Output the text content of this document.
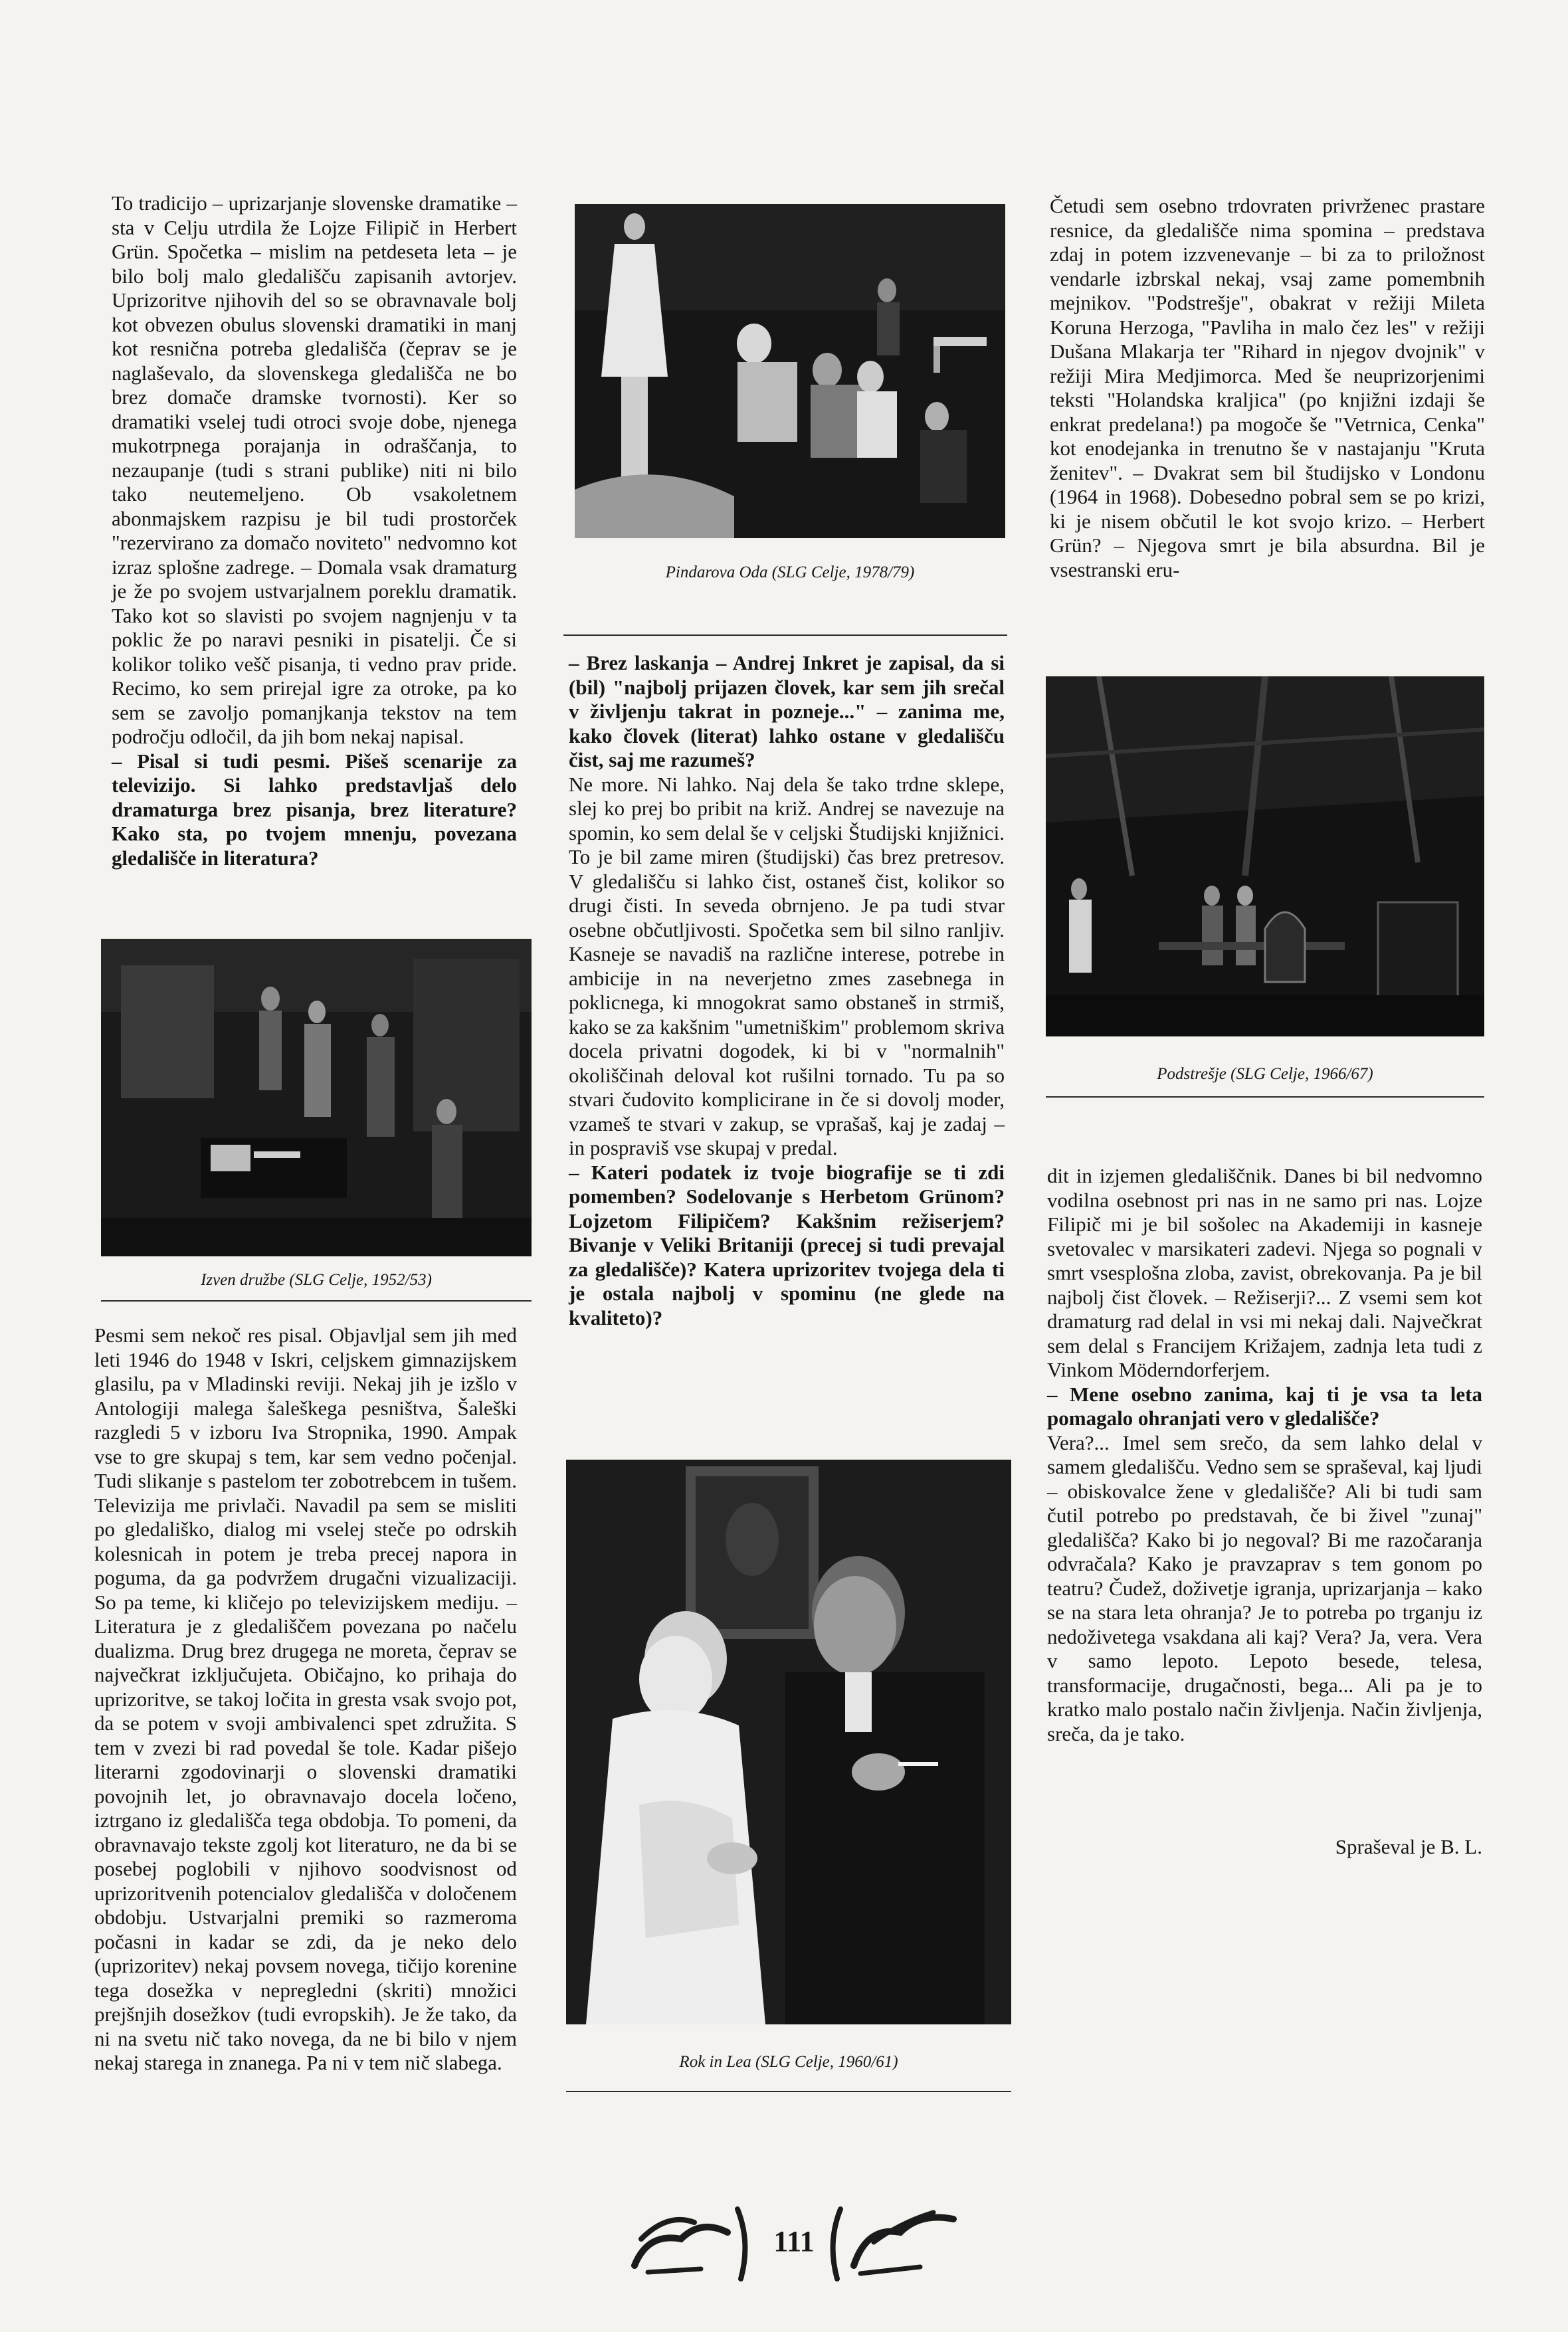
To tradicijo – uprizarjanje slovenske dramatike – sta v Celju utrdila že Lojze Filipič in Herbert Grün. Spočetka – mislim na petdeseta leta – je bilo bolj malo gledališču zapisanih avtorjev. Uprizoritve njihovih del so se obravnavale bolj kot obvezen obulus slovenski dramatiki in manj kot resnična potreba gledališča (čeprav se je naglaševalo, da slovenskega gledališča ne bo brez domače dramske tvornosti). Ker so dramatiki vselej tudi otroci svoje dobe, njenega mukotrpnega porajanja in odraščanja, to nezaupanje (tudi s strani publike) niti ni bilo tako neutemeljeno. Ob vsakoletnem abonmajskem razpisu je bil tudi prostorček "rezervirano za domačo noviteto" nedvomno kot izraz splošne zadrege. – Domala vsak dramaturg je že po svojem ustvarjalnem poreklu dramatik. Tako kot so slavisti po svojem nagnjenju v ta poklic že po naravi pesniki in pisatelji. Če si kolikor toliko vešč pisanja, ti vedno prav pride. Recimo, ko sem prirejal igre za otroke, pa ko sem se zavoljo pomanjkanja tekstov na tem področju odločil, da jih bom nekaj napisal.

– Pisal si tudi pesmi. Pišeš scenarije za televizijo. Si lahko predstavljaš delo dramaturga brez pisanja, brez literature? Kako sta, po tvojem mnenju, povezana gledališče in literatura?

Izven družbe (SLG Celje, 1952/53)

Pesmi sem nekoč res pisal. Objavljal sem jih med leti 1946 do 1948 v Iskri, celjskem gimnazijskem glasilu, pa v Mladinski reviji. Nekaj jih je izšlo v Antologiji malega šaleškega pesništva, Šaleški razgledi 5 v izboru Iva Stropnika, 1990. Ampak vse to gre skupaj s tem, kar sem vedno počenjal. Tudi slikanje s pastelom ter zobotrebcem in tušem. Televizija me privlači. Navadil pa sem se misliti po gledališko, dialog mi vselej steče po odrskih kolesnicah in potem je treba precej napora in poguma, da ga podvržem drugačni vizualizaciji. So pa teme, ki kličejo po televizijskem mediju. – Literatura je z gledališčem povezana po načelu dualizma. Drug brez drugega ne moreta, čeprav se največkrat izključujeta. Običajno, ko prihaja do uprizoritve, se takoj ločita in gresta vsak svojo pot, da se potem v svoji ambivalenci spet združita. S tem v zvezi bi rad povedal še tole. Kadar pišejo literarni zgodovinarji o slovenski dramatiki povojnih let, jo obravnavajo docela ločeno, iztrgano iz gledališča tega obdobja. To pomeni, da obravnavajo tekste zgolj kot literaturo, ne da bi se posebej poglobili v njihovo soodvisnost od uprizoritvenih potencialov gledališča v določenem obdobju. Ustvarjalni premiki so razmeroma počasni in kadar se zdi, da je neko delo (uprizoritev) nekaj povsem novega, tičijo korenine tega dosežka v nepregledni (skriti) množici prejšnjih dosežkov (tudi evropskih). Je že tako, da ni na svetu nič tako novega, da ne bi bilo v njem nekaj starega in znanega. Pa ni v tem nič slabega.

Pindarova Oda (SLG Celje, 1978/79)

– Brez laskanja – Andrej Inkret je zapisal, da si (bil) "najbolj prijazen človek, kar sem jih srečal v življenju takrat in pozneje..." – zanima me, kako človek (literat) lahko ostane v gledališču čist, saj me razumeš?

Ne more. Ni lahko. Naj dela še tako trdne sklepe, slej ko prej bo pribit na križ. Andrej se navezuje na spomin, ko sem delal še v celjski Študijski knjižnici. To je bil zame miren (študijski) čas brez pretresov. V gledališču si lahko čist, ostaneš čist, kolikor so drugi čisti. In seveda obrnjeno. Je pa tudi stvar osebne občutljivosti. Spočetka sem bil silno ranljiv. Kasneje se navadiš na različne interese, potrebe in ambicije in na neverjetno zmes zasebnega in poklicnega, ki mnogokrat samo obstaneš in strmiš, kako se za kakšnim "umetniškim" problemom skriva docela privatni dogodek, ki bi v "normalnih" okoliščinah deloval kot rušilni tornado. Tu pa so stvari čudovito komplicirane in če si dovolj moder, vzameš te stvari v zakup, se vprašaš, kaj je zadaj – in pospraviš vse skupaj v predal.

– Kateri podatek iz tvoje biografije se ti zdi pomemben? Sodelovanje s Herbetom Grünom? Lojzetom Filipičem? Kakšnim režiserjem? Bivanje v Veliki Britaniji (precej si tudi prevajal za gledališče)? Katera uprizoritev tvojega dela ti je ostala najbolj v spominu (ne glede na kvaliteto)?

Rok in Lea (SLG Celje, 1960/61)

Četudi sem osebno trdovraten privrženec prastare resnice, da gledališče nima spomina – predstava zdaj in potem izzvenevanje – bi za to priložnost vendarle izbrskal nekaj, vsaj zame pomembnih mejnikov. "Podstrešje", obakrat v režiji Mileta Koruna Herzoga, "Pavliha in malo čez les" v režiji Dušana Mlakarja ter "Rihard in njegov dvojnik" v režiji Mira Medjimorca. Med še neuprizorjenimi teksti "Holandska kraljica" (po knjižni izdaji še enkrat predelana!) pa mogoče še "Vetrnica, Cenka" kot enodejanka in trenutno še v nastajanju "Kruta ženitev". – Dvakrat sem bil študijsko v Londonu (1964 in 1968). Dobesedno pobral sem se po krizi, ki je nisem občutil le kot svojo krizo. – Herbert Grün? – Njegova smrt je bila absurdna. Bil je vsestranski eru-

Podstrešje (SLG Celje, 1966/67)

dit in izjemen gledališčnik. Danes bi bil nedvomno vodilna osebnost pri nas in ne samo pri nas. Lojze Filipič mi je bil sošolec na Akademiji in kasneje svetovalec v marsikateri zadevi. Njega so pognali v smrt vsesplošna zloba, zavist, obrekovanja. Pa je bil najbolj čist človek. – Režiserji?... Z vsemi sem kot dramaturg rad delal in vsi mi nekaj dali. Največkrat sem delal s Francijem Križajem, zadnja leta tudi z Vinkom Möderndorferjem.

– Mene osebno zanima, kaj ti je vsa ta leta pomagalo ohranjati vero v gledališče?

Vera?... Imel sem srečo, da sem lahko delal v samem gledališču. Vedno sem se spraševal, kaj ljudi – obiskovalce žene v gledališče? Ali bi tudi sam čutil potrebo po predstavah, če bi živel "zunaj" gledališča? Kako bi jo negoval? Bi me razočaranja odvračala? Kako je pravzaprav s tem gonom po teatru? Čudež, doživetje igranja, uprizarjanja – kako se na stara leta ohranja? Je to potreba po trganju iz nedoživetega vsakdana ali kaj? Vera? Ja, vera. Vera v samo lepoto. Lepoto besede, telesa, transformacije, drugačnosti, bega... Ali pa je to kratko malo postalo način življenja. Način življenja, sreča, da je tako.

Spraševal je B. L.
111
